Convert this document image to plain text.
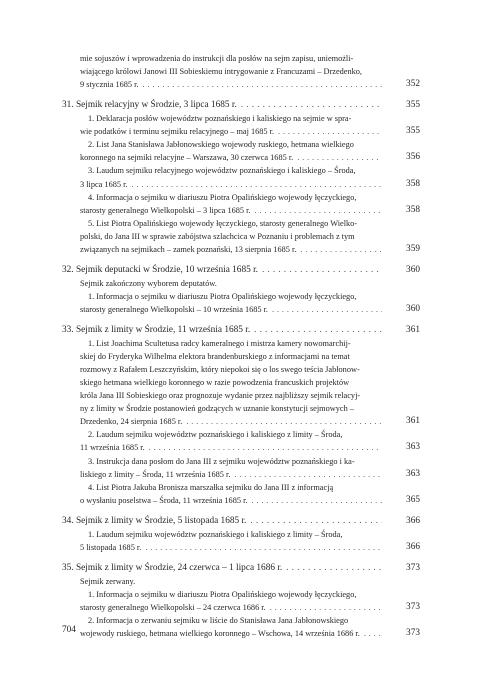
mie sojuszów i wprowadzenia do instrukcji dla posłów na sejm zapisu, uniemożli-
wiającego królowi Janowi III Sobieskiemu intrygowanie z Francuzami – Drzedenko,
9 stycznia 1685 r. . . .	352
31. Sejmik relacyjny w Środzie, 3 lipca 1685 r. . . .	355
1. Deklaracja posłów województw poznańskiego i kaliskiego na sejmie w spra-
wie podatków i terminu sejmiku relacyjnego – maj 1685 r. . . .	355
2. List Jana Stanisława Jabłonowskiego wojewody ruskiego, hetmana wielkiego
koronnego na sejmiki relacyjne – Warszawa, 30 czerwca 1685 r. . . .	356
3. Laudum sejmiku relacyjnego województw poznańskiego i kaliskiego – Środa,
3 lipca 1685 r. . . .	358
4. Informacja o sejmiku w diariuszu Piotra Opalińskiego wojewody łęczyckiego,
starosty generalnego Wielkopolski – 3 lipca 1685 r. . . .	358
5. List Piotra Opalińskiego wojewody łęczyckiego, starosty generalnego Wielko-
polski, do Jana III w sprawie zabójstwa szlachcica w Poznaniu i problemach z tym
związanych na sejmikach – zamek poznański, 13 sierpnia 1685 r. . . .	359
32. Sejmik deputacki w Środzie, 10 września 1685 r. . . .	360
Sejmik zakończony wyborem deputatów.
1. Informacja o sejmiku w diariuszu Piotra Opalińskiego wojewody łęczyckiego,
starosty generalnego Wielkopolski – 10 września 1685 r. . . .	360
33. Sejmik z limity w Środzie, 11 września 1685 r. . . .	361
1. List Joachima Scultetusa radcy kameralnego i mistrza kamery nowomarchij-
skiej do Fryderyka Wilhelma elektora brandenburskiego z informacjami na temat
rozmowy z Rafałem Leszczyńskim, który niepokoi się o los swego teścia Jabłonow-
skiego hetmana wielkiego koronnego w razie powodzenia francuskich projektów
króla Jana III Sobieskiego oraz prognozuje wydanie przez najbliższy sejmik relacyj-
ny z limity w Środzie postanowień godzących w uznanie konstytucji sejmowych –
Drzedenko, 24 sierpnia 1685 r. . . .	361
2. Laudum sejmiku województw poznańskiego i kaliskiego z limity – Środa,
11 września 1685 r. . . .	363
3. Instrukcja dana posłom do Jana III z sejmiku województw poznańskiego i ka-
liskiego z limity – Środa, 11 września 1685 r. . . .	363
4. List Piotra Jakuba Bronisza marszałka sejmiku do Jana III z informacją
o wysłaniu poselstwa – Środa, 11 września 1685 r. . . .	365
34. Sejmik z limity w Środzie, 5 listopada 1685 r. . . .	366
1. Laudum sejmiku województw poznańskiego i kaliskiego z limity – Środa,
5 listopada 1685 r. . . .	366
35. Sejmik z limity w Środzie, 24 czerwca – 1 lipca 1686 r. . . .	373
Sejmik zerwany.
1. Informacja o sejmiku w diariuszu Piotra Opalińskiego wojewody łęczyckiego,
starosty generalnego Wielkopolski – 24 czerwca 1686 r. . . .	373
2. Informacja o zerwaniu sejmiku w liście do Stanisława Jana Jabłonowskiego
wojewody ruskiego, hetmana wielkiego koronnego – Wschowa, 14 września 1686 r. . . .	373
704
